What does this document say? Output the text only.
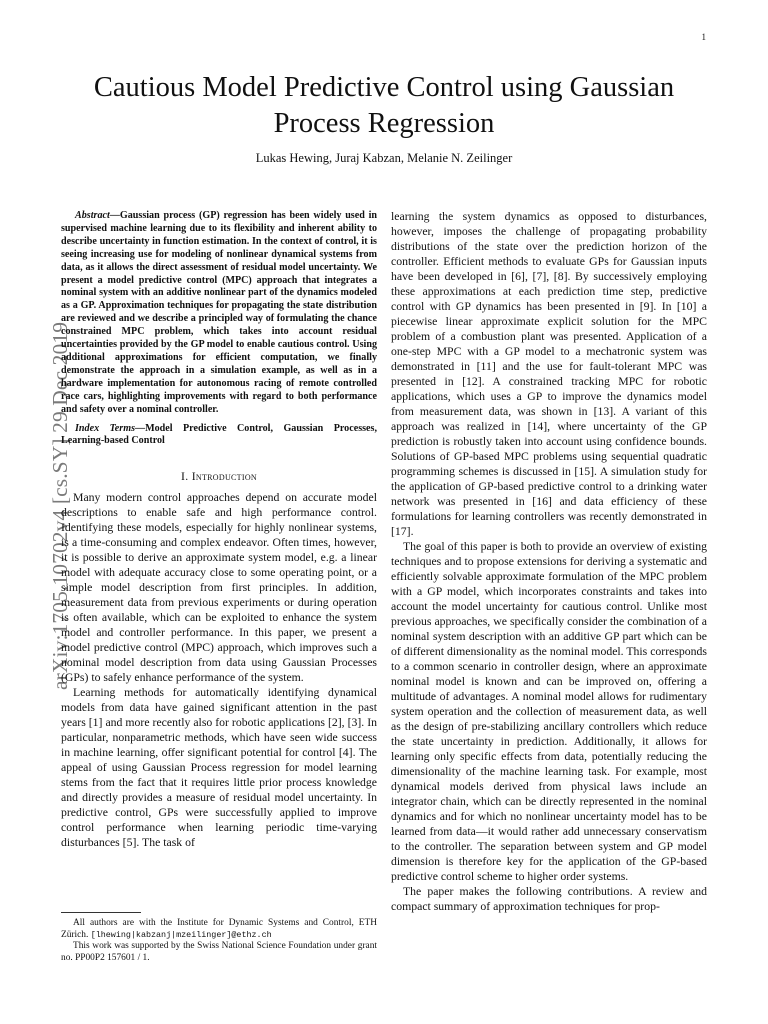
1
arXiv:1705.10702v4 [cs.SY] 29 Dec 2019
Cautious Model Predictive Control using Gaussian Process Regression
Lukas Hewing, Juraj Kabzan, Melanie N. Zeilinger

Abstract—Gaussian process (GP) regression has been widely used in supervised machine learning due to its flexibility and inherent ability to describe uncertainty in function estimation. In the context of control, it is seeing increasing use for modeling of nonlinear dynamical systems from data, as it allows the direct assessment of residual model uncertainty. We present a model predictive control (MPC) approach that integrates a nominal system with an additive nonlinear part of the dynamics modeled as a GP. Approximation techniques for propagating the state distribution are reviewed and we describe a principled way of formulating the chance constrained MPC problem, which takes into account residual uncertainties provided by the GP model to enable cautious control. Using additional approximations for efficient computation, we finally demonstrate the approach in a simulation example, as well as in a hardware implementation for autonomous racing of remote controlled race cars, highlighting improvements with regard to both performance and safety over a nominal controller.

Index Terms—Model Predictive Control, Gaussian Processes, Learning-based Control

I. Introduction

Many modern control approaches depend on accurate model descriptions to enable safe and high performance control. Identifying these models, especially for highly nonlinear systems, is a time-consuming and complex endeavor. Often times, however, it is possible to derive an approximate system model, e.g. a linear model with adequate accuracy close to some operating point, or a simple model description from first principles. In addition, measurement data from previous experiments or during operation is often available, which can be exploited to enhance the system model and controller performance. In this paper, we present a model predictive control (MPC) approach, which improves such a nominal model description from data using Gaussian Processes (GPs) to safely enhance performance of the system.

Learning methods for automatically identifying dynamical models from data have gained significant attention in the past years [1] and more recently also for robotic applications [2], [3]. In particular, nonparametric methods, which have seen wide success in machine learning, offer significant potential for control [4]. The appeal of using Gaussian Process regression for model learning stems from the fact that it requires little prior process knowledge and directly provides a measure of residual model uncertainty. In predictive control, GPs were successfully applied to improve control performance when learning periodic time-varying disturbances [5]. The task of

All authors are with the Institute for Dynamic Systems and Control, ETH Zürich. [lhewing|kabzanj|mzeilinger]@ethz.ch

This work was supported by the Swiss National Science Foundation under grant no. PP00P2 157601 / 1.

learning the system dynamics as opposed to disturbances, however, imposes the challenge of propagating probability distributions of the state over the prediction horizon of the controller. Efficient methods to evaluate GPs for Gaussian inputs have been developed in [6], [7], [8]. By successively employing these approximations at each prediction time step, predictive control with GP dynamics has been presented in [9]. In [10] a piecewise linear approximate explicit solution for the MPC problem of a combustion plant was presented. Application of a one-step MPC with a GP model to a mechatronic system was demonstrated in [11] and the use for fault-tolerant MPC was presented in [12]. A constrained tracking MPC for robotic applications, which uses a GP to improve the dynamics model from measurement data, was shown in [13]. A variant of this approach was realized in [14], where uncertainty of the GP prediction is robustly taken into account using confidence bounds. Solutions of GP-based MPC problems using sequential quadratic programming schemes is discussed in [15]. A simulation study for the application of GP-based predictive control to a drinking water network was presented in [16] and data efficiency of these formulations for learning controllers was recently demonstrated in [17].

The goal of this paper is both to provide an overview of existing techniques and to propose extensions for deriving a systematic and efficiently solvable approximate formulation of the MPC problem with a GP model, which incorporates constraints and takes into account the model uncertainty for cautious control. Unlike most previous approaches, we specifically consider the combination of a nominal system description with an additive GP part which can be of different dimensionality as the nominal model. This corresponds to a common scenario in controller design, where an approximate nominal model is known and can be improved on, offering a multitude of advantages. A nominal model allows for rudimentary system operation and the collection of measurement data, as well as the design of pre-stabilizing ancillary controllers which reduce the state uncertainty in prediction. Additionally, it allows for learning only specific effects from data, potentially reducing the dimensionality of the machine learning task. For example, most dynamical models derived from physical laws include an integrator chain, which can be directly represented in the nominal dynamics and for which no nonlinear uncertainty model has to be learned from data—it would rather add unnecessary conservatism to the controller. The separation between system and GP model dimension is therefore key for the application of the GP-based predictive control scheme to higher order systems.

The paper makes the following contributions. A review and compact summary of approximation techniques for prop-
